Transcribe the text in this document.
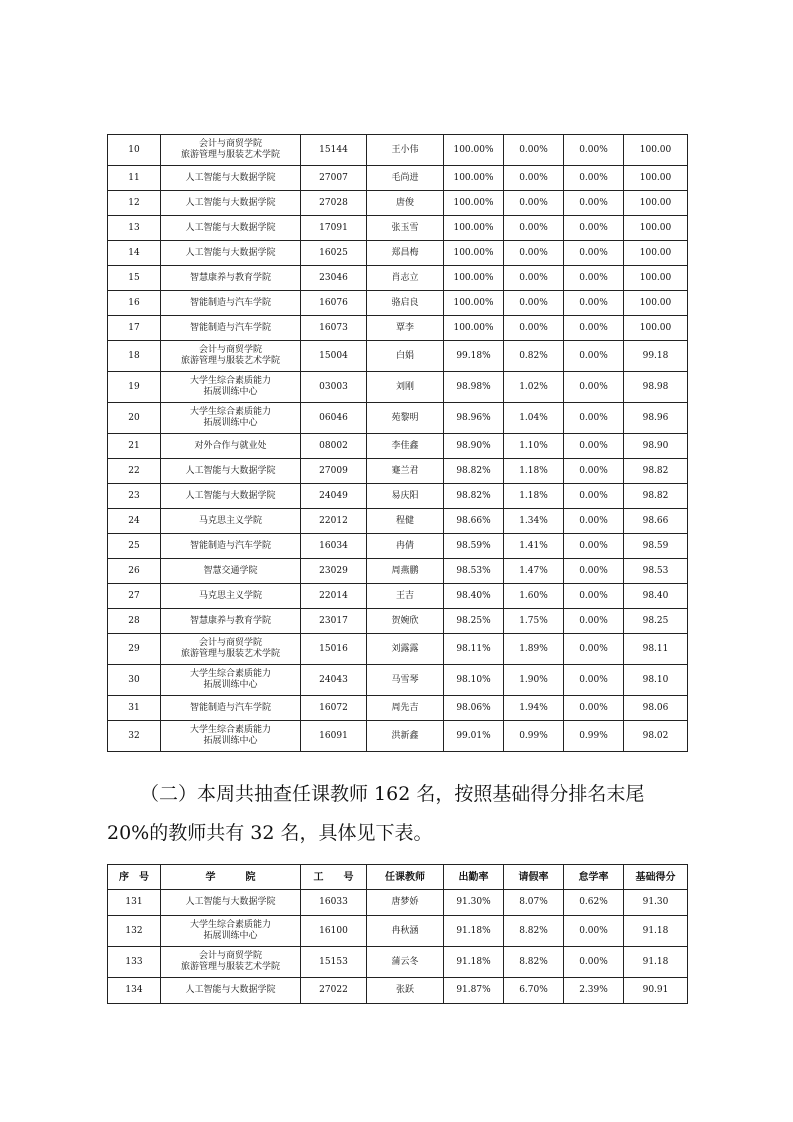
10	会计与商贸学院
旅游管理与服装艺术学院	15144	王小伟	100.00%	0.00%	0.00%	100.00
11	人工智能与大数据学院	27007	毛尚进	100.00%	0.00%	0.00%	100.00
12	人工智能与大数据学院	27028	唐俊	100.00%	0.00%	0.00%	100.00
13	人工智能与大数据学院	17091	张玉雪	100.00%	0.00%	0.00%	100.00
14	人工智能与大数据学院	16025	郑昌梅	100.00%	0.00%	0.00%	100.00
15	智慧康养与教育学院	23046	肖志立	100.00%	0.00%	0.00%	100.00
16	智能制造与汽车学院	16076	骆启良	100.00%	0.00%	0.00%	100.00
17	智能制造与汽车学院	16073	覃李	100.00%	0.00%	0.00%	100.00
18	会计与商贸学院
旅游管理与服装艺术学院	15004	白娟	99.18%	0.82%	0.00%	99.18
19	大学生综合素质能力
拓展训练中心	03003	刘刚	98.98%	1.02%	0.00%	98.98
20	大学生综合素质能力
拓展训练中心	06046	苑黎明	98.96%	1.04%	0.00%	98.96
21	对外合作与就业处	08002	李佳鑫	98.90%	1.10%	0.00%	98.90
22	人工智能与大数据学院	27009	蹇兰君	98.82%	1.18%	0.00%	98.82
23	人工智能与大数据学院	24049	易庆阳	98.82%	1.18%	0.00%	98.82
24	马克思主义学院	22012	程健	98.66%	1.34%	0.00%	98.66
25	智能制造与汽车学院	16034	冉倩	98.59%	1.41%	0.00%	98.59
26	智慧交通学院	23029	周燕鹏	98.53%	1.47%	0.00%	98.53
27	马克思主义学院	22014	王吉	98.40%	1.60%	0.00%	98.40
28	智慧康养与教育学院	23017	贺婉欣	98.25%	1.75%	0.00%	98.25
29	会计与商贸学院
旅游管理与服装艺术学院	15016	刘露露	98.11%	1.89%	0.00%	98.11
30	大学生综合素质能力
拓展训练中心	24043	马雪琴	98.10%	1.90%	0.00%	98.10
31	智能制造与汽车学院	16072	周先吉	98.06%	1.94%	0.00%	98.06
32	大学生综合素质能力
拓展训练中心	16091	洪新鑫	99.01%	0.99%	0.99%	98.02
（二）本周共抽查任课教师 162 名，按照基础得分排名末尾
20%的教师共有 32 名，具体见下表。
序　号	学　　　院	工　　号	任课教师	出勤率	请假率	怠学率	基础得分
131	人工智能与大数据学院	16033	唐梦娇	91.30%	8.07%	0.62%	91.30
132	大学生综合素质能力
拓展训练中心	16100	冉秋涵	91.18%	8.82%	0.00%	91.18
133	会计与商贸学院
旅游管理与服装艺术学院	15153	蒲云冬	91.18%	8.82%	0.00%	91.18
134	人工智能与大数据学院	27022	张跃	91.87%	6.70%	2.39%	90.91
